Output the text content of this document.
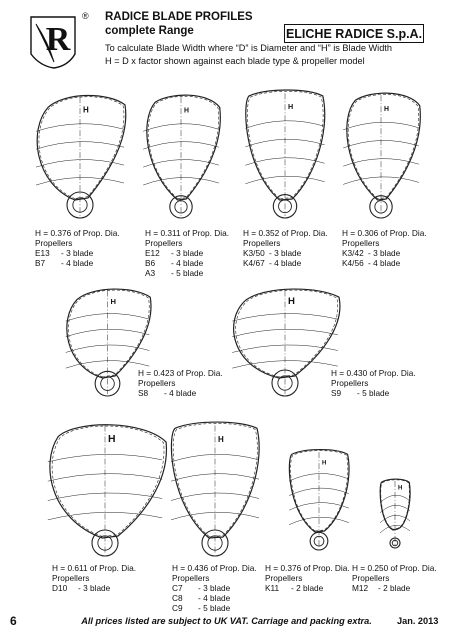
R
® RADICE BLADE PROFILES
complete Range	ELICHE RADICE S.p.A.
To calculate Blade Width where “D” is Diameter and “H” is Blade Width
H = D x factor shown against each blade type & propeller model
H	H	H	H
H	H
H	H
H
H
H = 0.376 of Prop. Dia.
Propellers
E13	- 3 blade
B7	- 4 blade
H = 0.311 of Prop. Dia.
Propellers
E12	- 3 blade
B6	- 4 blade
A3	- 5 blade
H = 0.352 of Prop. Dia.
Propellers
K3/50 - 3 blade
K4/67 - 4 blade
H = 0.306 of Prop. Dia.
Propellers
K3/42 - 3 blade
K4/56 - 4 blade
H = 0.423 of Prop. Dia.
Propellers
S8	- 4 blade
H = 0.430 of Prop. Dia.
Propellers
S9	- 5 blade
H = 0.611 of Prop. Dia.
Propellers
D10	- 3 blade
H = 0.436 of Prop. Dia.
Propellers
C7	- 3 blade
C8	- 4 blade
C9	- 5 blade
H = 0.376 of Prop. Dia.
Propellers
K11	- 2 blade
H = 0.250 of Prop. Dia.
Propellers
M12	- 2 blade
6	All prices listed are subject to UK VAT. Carriage and packing extra.	Jan. 2013
